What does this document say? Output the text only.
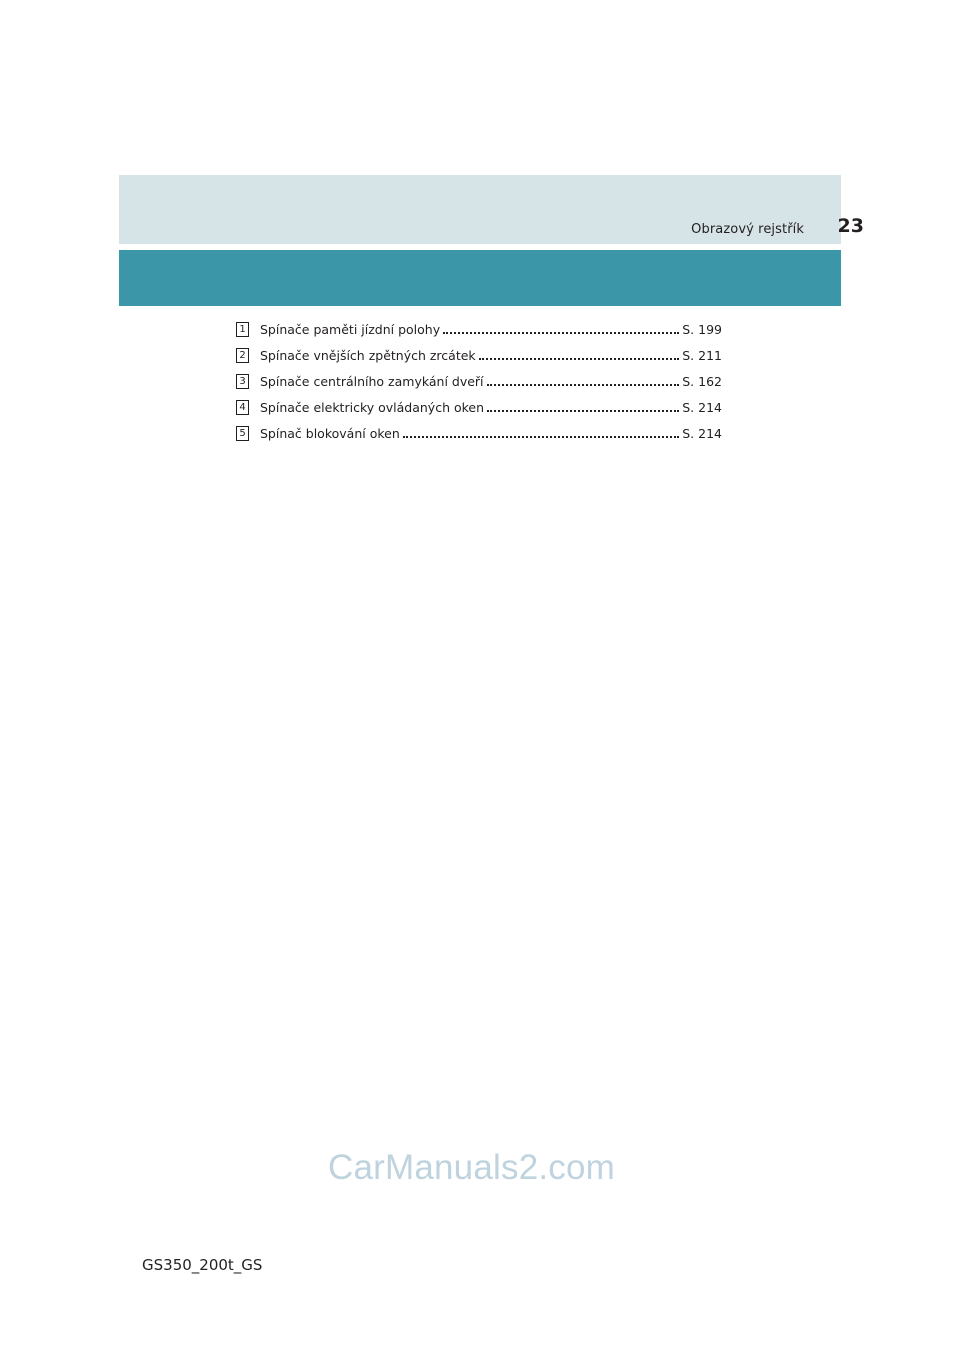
Obrazový rejstřík 23
1 Spínače paměti jízdní polohy	S. 199
2 Spínače vnějších zpětných zrcátek	S. 211
3 Spínače centrálního zamykání dveří	S. 162
4 Spínače elektricky ovládaných oken	S. 214
5 Spínač blokování oken	S. 214
CarManuals2.com
GS350_200t_GS
